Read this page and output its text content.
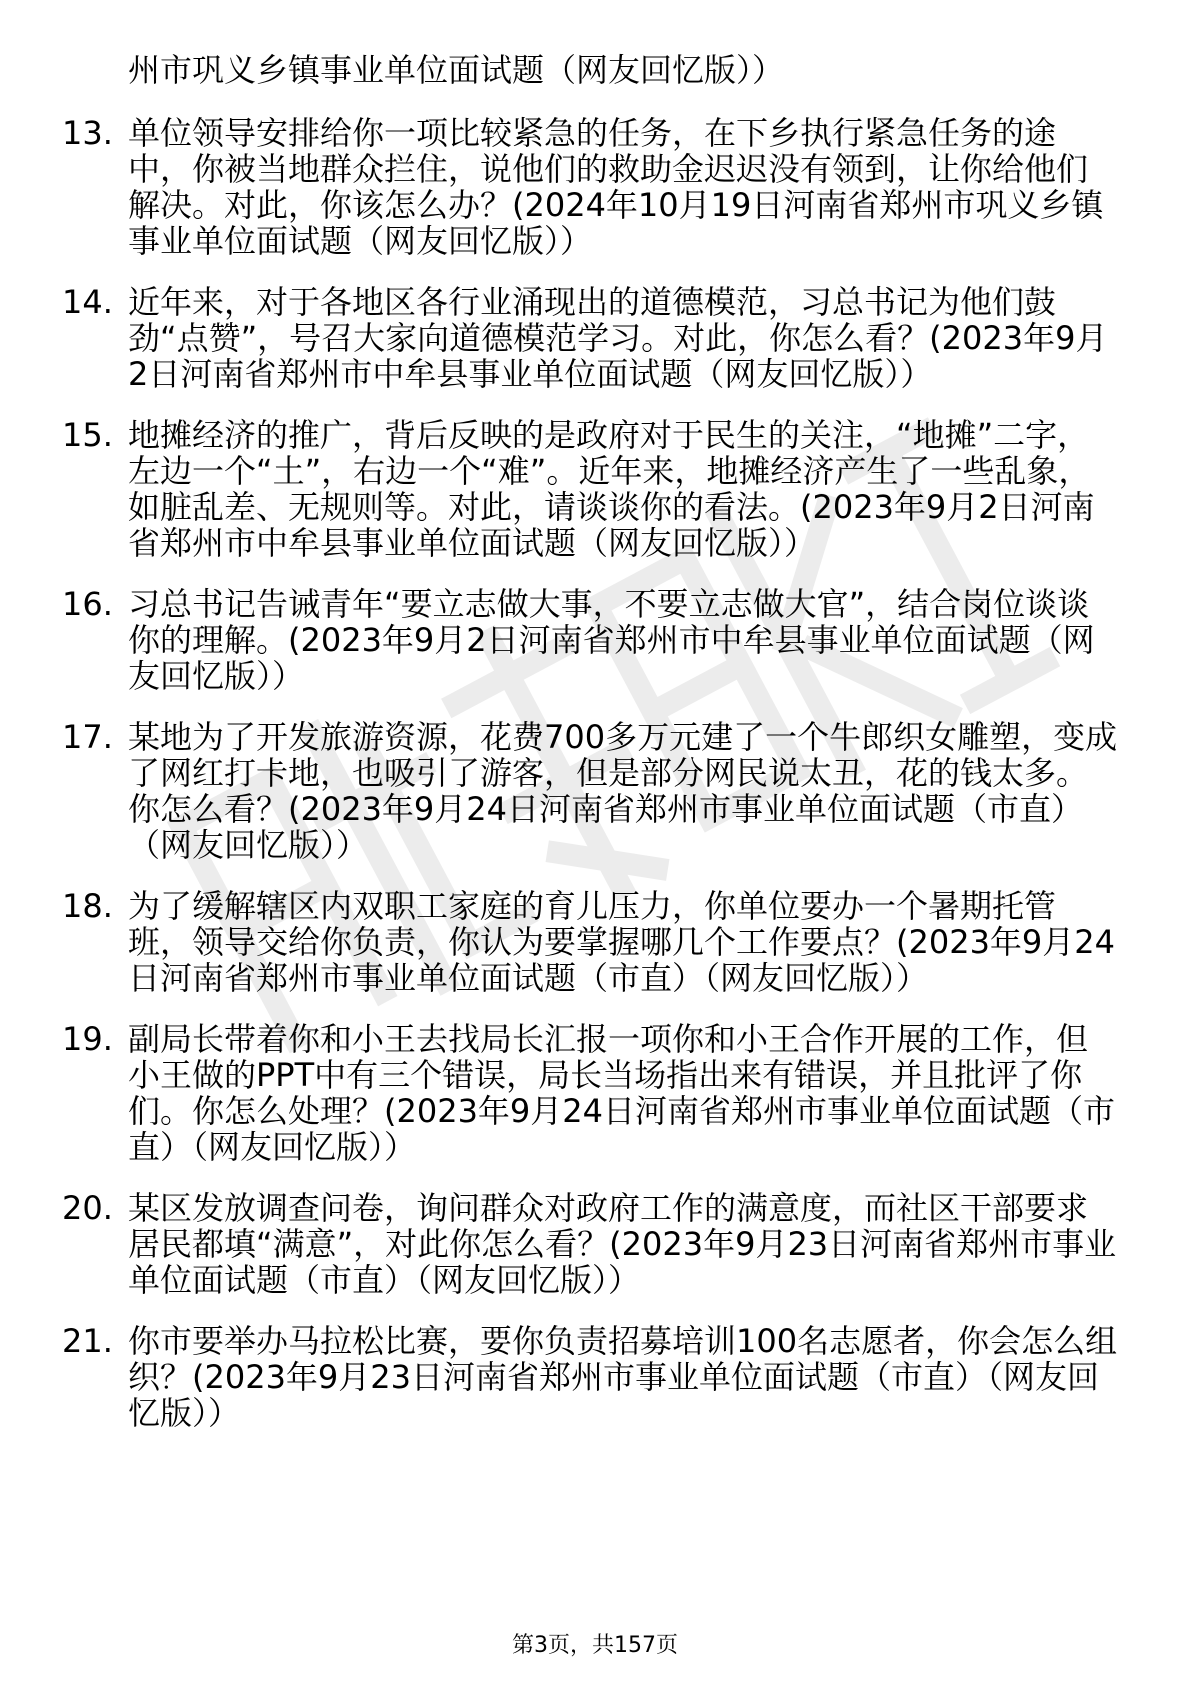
州市巩义乡镇事业单位面试题（网友回忆版））
13. 单位领导安排给你一项比较紧急的任务，在下乡执行紧急任务的途中，你被当地群众拦住，说他们的救助金迟迟没有领到，让你给他们解决。对此，你该怎么办？(2024年10月19日河南省郑州市巩义乡镇事业单位面试题（网友回忆版））
14. 近年来，对于各地区各行业涌现出的道德模范，习总书记为他们鼓劲“点赞”，号召大家向道德模范学习。对此，你怎么看？(2023年9月2日河南省郑州市中牟县事业单位面试题（网友回忆版））
15. 地摊经济的推广，背后反映的是政府对于民生的关注，“地摊”二字，左边一个“土”，右边一个“难”。近年来，地摊经济产生了一些乱象，如脏乱差、无规则等。对此，请谈谈你的看法。(2023年9月2日河南省郑州市中牟县事业单位面试题（网友回忆版））
16. 习总书记告诫青年“要立志做大事，不要立志做大官”，结合岗位谈谈你的理解。(2023年9月2日河南省郑州市中牟县事业单位面试题（网友回忆版））
17. 某地为了开发旅游资源，花费700多万元建了一个牛郎织女雕塑，变成了网红打卡地，也吸引了游客，但是部分网民说太丑，花的钱太多。你怎么看？(2023年9月24日河南省郑州市事业单位面试题（市直）（网友回忆版））
18. 为了缓解辖区内双职工家庭的育儿压力，你单位要办一个暑期托管班，领导交给你负责，你认为要掌握哪几个工作要点？(2023年9月24日河南省郑州市事业单位面试题（市直）（网友回忆版））
19. 副局长带着你和小王去找局长汇报一项你和小王合作开展的工作，但小王做的PPT中有三个错误，局长当场指出来有错误，并且批评了你们。你怎么处理？(2023年9月24日河南省郑州市事业单位面试题（市直）（网友回忆版））
20. 某区发放调查问卷，询问群众对政府工作的满意度，而社区干部要求居民都填“满意”，对此你怎么看？(2023年9月23日河南省郑州市事业单位面试题（市直）（网友回忆版））
21. 你市要举办马拉松比赛，要你负责招募培训100名志愿者，你会怎么组织？(2023年9月23日河南省郑州市事业单位面试题（市直）（网友回忆版））
第3页，共157页
